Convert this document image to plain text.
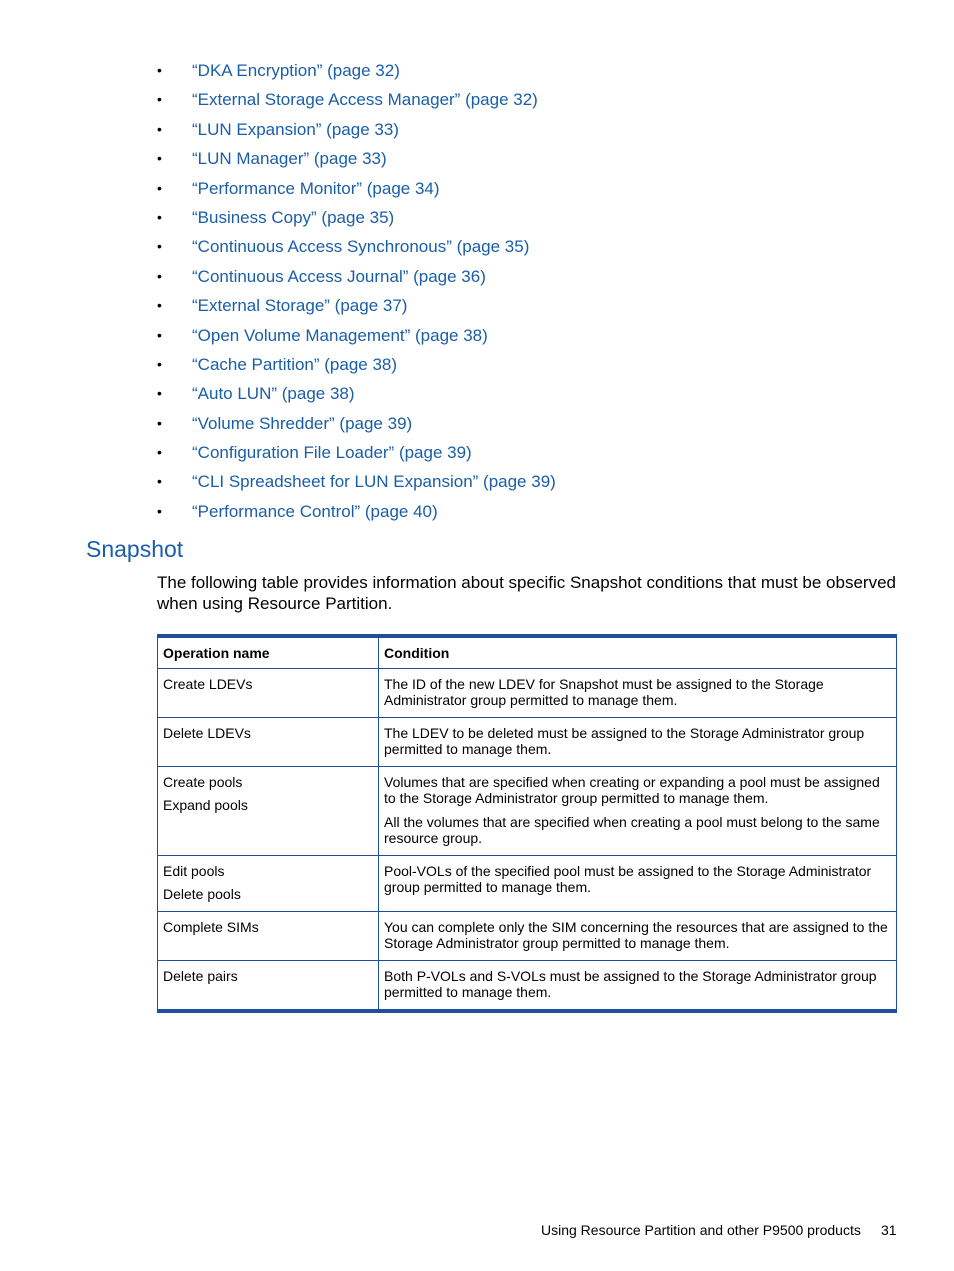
• “DKA Encryption” (page 32)
• “External Storage Access Manager” (page 32)
• “LUN Expansion” (page 33)
• “LUN Manager” (page 33)
• “Performance Monitor” (page 34)
• “Business Copy” (page 35)
• “Continuous Access Synchronous” (page 35)
• “Continuous Access Journal” (page 36)
• “External Storage” (page 37)
• “Open Volume Management” (page 38)
• “Cache Partition” (page 38)
• “Auto LUN” (page 38)
• “Volume Shredder” (page 39)
• “Configuration File Loader” (page 39)
• “CLI Spreadsheet for LUN Expansion” (page 39)
• “Performance Control” (page 40)
Snapshot

The following table provides information about specific Snapshot conditions that must be observed when using Resource Partition.

Operation name	Condition

Create LDEVs	The ID of the new LDEV for Snapshot must be assigned to the Storage Administrator group permitted to manage them.

Delete LDEVs	The LDEV to be deleted must be assigned to the Storage Administrator group permitted to manage them.

Create pools
Expand pools	Volumes that are specified when creating or expanding a pool must be assigned to the Storage Administrator group permitted to manage them.
All the volumes that are specified when creating a pool must belong to the same resource group.

Edit pools
Delete pools	Pool-VOLs of the specified pool must be assigned to the Storage Administrator group permitted to manage them.

Complete SIMs	You can complete only the SIM concerning the resources that are assigned to the Storage Administrator group permitted to manage them.

Delete pairs	Both P-VOLs and S-VOLs must be assigned to the Storage Administrator group permitted to manage them.
Using Resource Partition and other P9500 products 31
